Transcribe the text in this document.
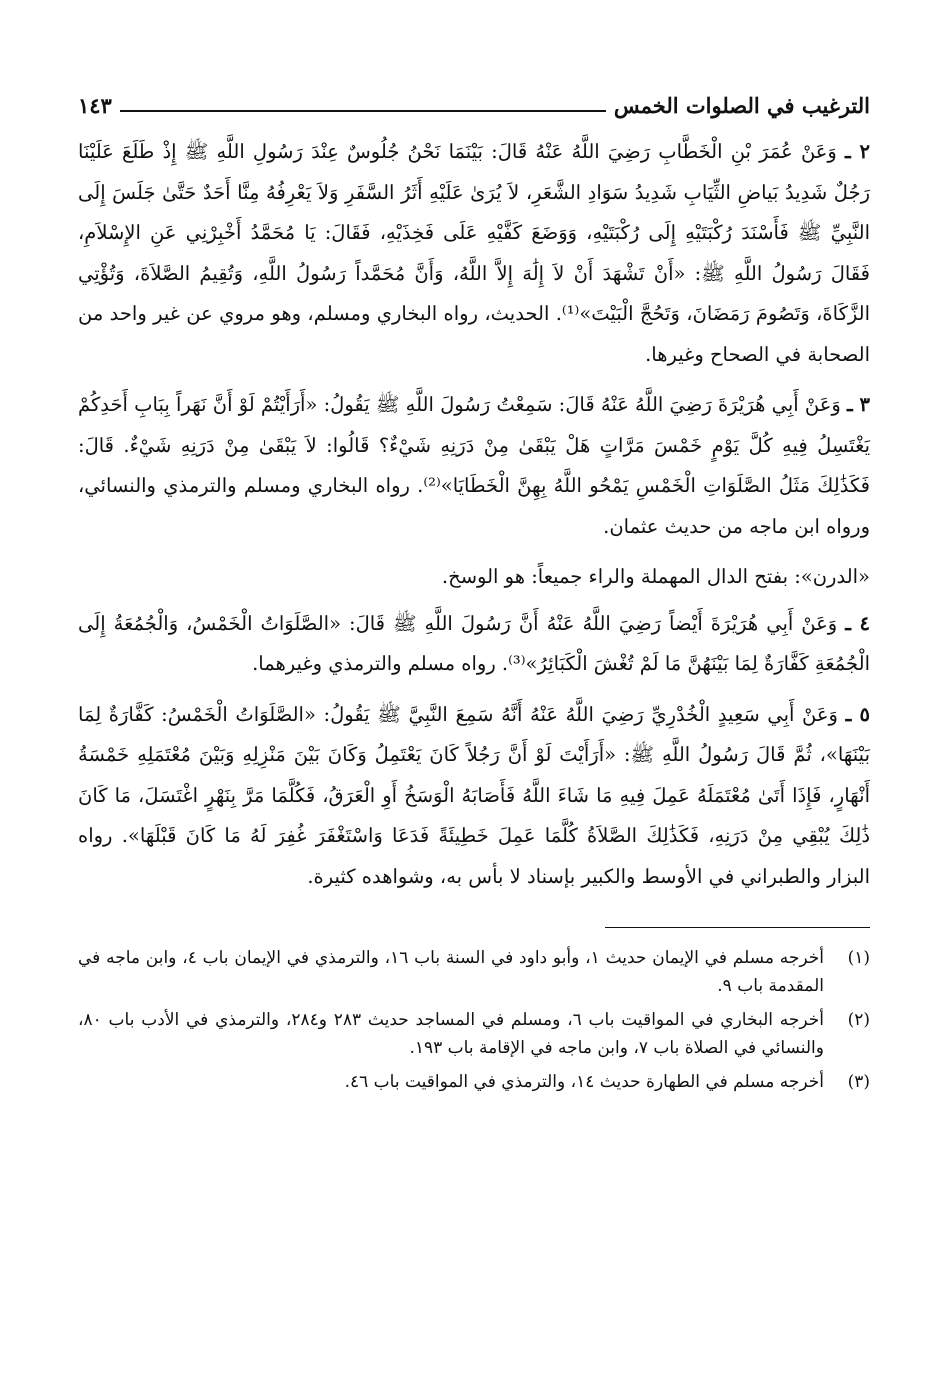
الترغيب في الصلوات الخمس
١٤٣

٢ ـ وَعَنْ عُمَرَ بْنِ الْخَطَّابِ رَضِيَ اللَّهُ عَنْهُ قَالَ: بَيْنَمَا نَحْنُ جُلُوسٌ عِنْدَ رَسُولِ اللَّهِ ﷺ إِذْ طَلَعَ عَلَيْنَا رَجُلٌ شَدِيدُ بَياضِ الثِّيَابِ شَدِيدُ سَوَادِ الشَّعَرِ، لاَ يُرَىٰ عَلَيْهِ أَثَرُ السَّفَرِ وَلاَ يَعْرِفُهُ مِنَّا أَحَدٌ حَتَّىٰ جَلَسَ إِلَى النَّبِيِّ ﷺ فَأَسْنَدَ رُكْبَتَيْهِ إِلَى رُكْبَتَيْهِ، وَوَضَعَ كَفَّيْهِ عَلَى فَخِذَيْهِ، فَقَالَ: يَا مُحَمَّدُ أَخْبِرْنِي عَنِ الإِسْلاَمِ، فَقَالَ رَسُولُ اللَّهِ ﷺ: «أَنْ تَشْهَدَ أَنْ لاَ إِلَٰهَ إِلاَّ اللَّهُ، وَأَنَّ مُحَمَّداً رَسُولُ اللَّهِ، وَتُقِيمُ الصَّلاَةَ، وَتُؤْتِي الزَّكَاةَ، وَتَصُومَ رَمَضَانَ، وَتَحُجَّ الْبَيْتَ»⁽¹⁾. الحديث، رواه البخاري ومسلم، وهو مروي عن غير واحد من الصحابة في الصحاح وغيرها.

٣ ـ وَعَنْ أَبِي هُرَيْرَةَ رَضِيَ اللَّهُ عَنْهُ قَالَ: سَمِعْتُ رَسُولَ اللَّهِ ﷺ يَقُولُ: «أَرَأَيْتُمْ لَوْ أَنَّ نَهَراً بِبَابِ أَحَدِكُمْ يَغْتَسِلُ فِيهِ كُلَّ يَوْمٍ خَمْسَ مَرَّاتٍ هَلْ يَبْقَىٰ مِنْ دَرَنِهِ شَيْءٌ؟ قَالُوا: لاَ يَبْقَىٰ مِنْ دَرَنِهِ شَيْءٌ. قَالَ: فَكَذَٰلِكَ مَثَلُ الصَّلَوَاتِ الْخَمْسِ يَمْحُو اللَّهُ بِهِنَّ الْخَطَايَا»⁽²⁾. رواه البخاري ومسلم والترمذي والنسائي، ورواه ابن ماجه من حديث عثمان.

«الدرن»: بفتح الدال المهملة والراء جميعاً: هو الوسخ.

٤ ـ وَعَنْ أَبِي هُرَيْرَةَ أَيْضاً رَضِيَ اللَّهُ عَنْهُ أَنَّ رَسُولَ اللَّهِ ﷺ قَالَ: «الصَّلَوَاتُ الْخَمْسُ، وَالْجُمُعَةُ إِلَى الْجُمُعَةِ كَفَّارَةٌ لِمَا بَيْنَهُنَّ مَا لَمْ تُغْشَ الْكَبَائِرُ»⁽³⁾. رواه مسلم والترمذي وغيرهما.

٥ ـ وَعَنْ أَبِي سَعِيدٍ الْخُدْرِيِّ رَضِيَ اللَّهُ عَنْهُ أَنَّهُ سَمِعَ النَّبِيَّ ﷺ يَقُولُ: «الصَّلَوَاتُ الْخَمْسُ: كَفَّارَةٌ لِمَا بَيْنَهَا»، ثُمَّ قَالَ رَسُولُ اللَّهِ ﷺ: «أَرَأَيْتَ لَوْ أَنَّ رَجُلاً كَانَ يَعْتَمِلُ وَكَانَ بَيْنَ مَنْزِلِهِ وَبَيْنَ مُعْتَمَلِهِ خَمْسَةُ أَنْهَارٍ، فَإِذَا أَتَىٰ مُعْتَمَلَهُ عَمِلَ فِيهِ مَا شَاءَ اللَّهُ فَأَصَابَهُ الْوَسَخُ أَوِ الْعَرَقُ، فَكُلَّمَا مَرَّ بِنَهْرٍ اغْتَسَلَ، مَا كَانَ ذَٰلِكَ يُبْقِي مِنْ دَرَنِهِ، فَكَذَٰلِكَ الصَّلاَةُ كُلَّمَا عَمِلَ خَطِيئَةً فَدَعَا وَاسْتَغْفَرَ غُفِرَ لَهُ مَا كَانَ قَبْلَهَا». رواه البزار والطبراني في الأوسط والكبير بإسناد لا بأس به، وشواهده كثيرة.

(١)
أخرجه مسلم في الإيمان حديث ١، وأبو داود في السنة باب ١٦، والترمذي في الإيمان باب ٤، وابن ماجه في المقدمة باب ٩.
(٢)
أخرجه البخاري في المواقيت باب ٦، ومسلم في المساجد حديث ٢٨٣ و٢٨٤، والترمذي في الأدب باب ٨٠، والنسائي في الصلاة باب ٧، وابن ماجه في الإقامة باب ١٩٣.
(٣)
أخرجه مسلم في الطهارة حديث ١٤، والترمذي في المواقيت باب ٤٦.
